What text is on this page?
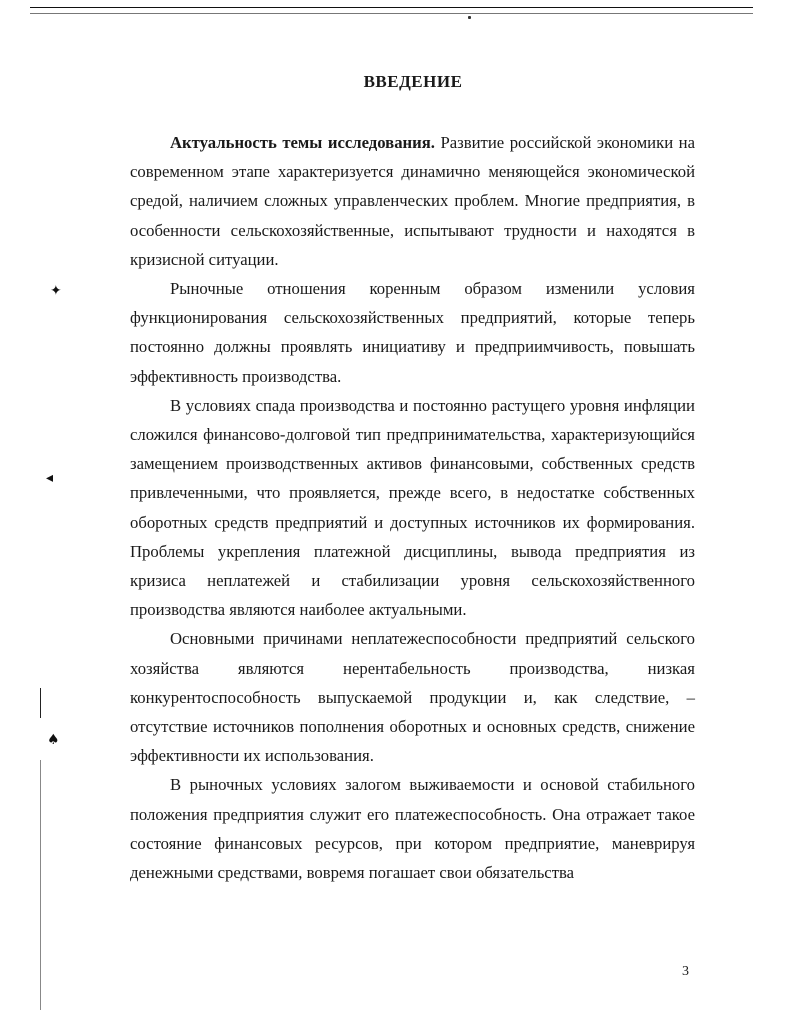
✦
◂
♠
ВВЕДЕНИЕ

Актуальность темы исследования. Развитие российской экономики на современном этапе характеризуется динамично меняющейся экономической средой, наличием сложных управленческих проблем. Многие предприятия, в особенности сельскохозяйственные, испытывают трудности и находятся в кризисной ситуации.

Рыночные отношения коренным образом изменили условия функционирования сельскохозяйственных предприятий, которые теперь постоянно должны проявлять инициативу и предприимчивость, повышать эффективность производства.

В условиях спада производства и постоянно растущего уровня инфляции сложился финансово-долговой тип предпринимательства, характеризующийся замещением производственных активов финансовыми, собственных средств привлеченными, что проявляется, прежде всего, в недостатке собственных оборотных средств предприятий и доступных источников их формирования. Проблемы укрепления платежной дисциплины, вывода предприятия из кризиса неплатежей и стабилизации уровня сельскохозяйственного производства являются наиболее актуальными.

Основными причинами неплатежеспособности предприятий сельского хозяйства являются нерентабельность производства, низкая конкурентоспособность выпускаемой продукции и, как следствие, – отсутствие источников пополнения оборотных и основных средств, снижение эффективности их использования.

В рыночных условиях залогом выживаемости и основой стабильного положения предприятия служит его платежеспособность. Она отражает такое состояние финансовых ресурсов, при котором предприятие, маневрируя денежными средствами, вовремя погашает свои обязательства

3
